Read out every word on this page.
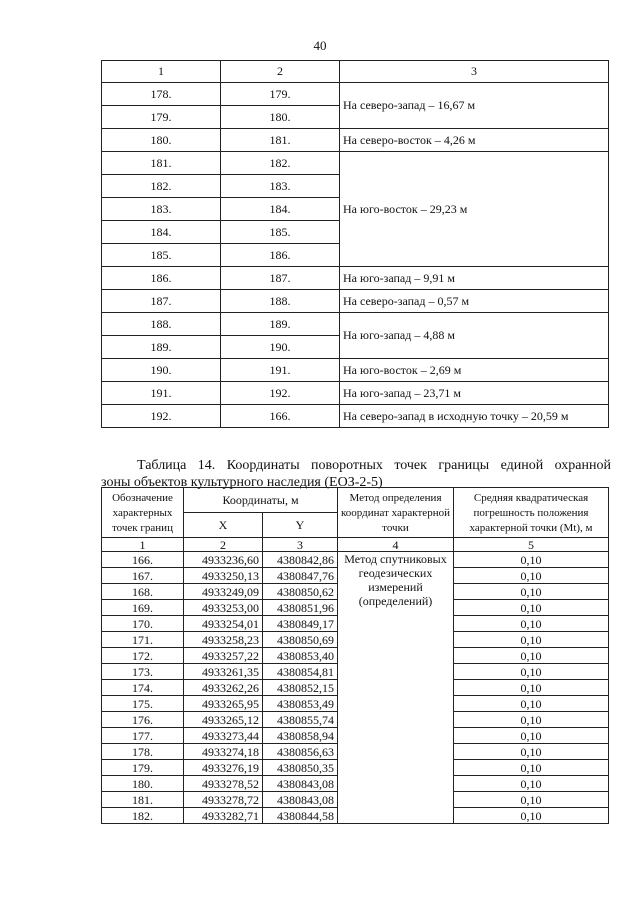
40
1	2	3
178.	179.	На северо-запад – 16,67 м
179.	180.	
180.	181.	На северо-восток – 4,26 м
181.	182.	На юго-восток – 29,23 м
182.	183.	
183.	184.	
184.	185.	
185.	186.	
186.	187.	На юго-запад – 9,91 м
187.	188.	На северо-запад – 0,57 м
188.	189.	На юго-запад – 4,88 м
189.	190.	
190.	191.	На юго-восток – 2,69 м
191.	192.	На юго-запад – 23,71 м
192.	166.	На северо-запад в исходную точку – 20,59 м
Таблица 14. Координаты поворотных точек границы единой охранной
зоны объектов культурного наследия (ЕОЗ-2-5)
Обозначение характерных точек границ	Координаты, м		Метод определения координат характерной точки	Средняя квадратическая погрешность положения характерной точки (Mt), м
	X	Y		
1	2	3	4	5
166.	4933236,60	4380842,86	Метод спутниковых геодезических измерений (определений)	0,10
167.	4933250,13	4380847,76		0,10
168.	4933249,09	4380850,62		0,10
169.	4933253,00	4380851,96		0,10
170.	4933254,01	4380849,17		0,10
171.	4933258,23	4380850,69		0,10
172.	4933257,22	4380853,40		0,10
173.	4933261,35	4380854,81		0,10
174.	4933262,26	4380852,15		0,10
175.	4933265,95	4380853,49		0,10
176.	4933265,12	4380855,74		0,10
177.	4933273,44	4380858,94		0,10
178.	4933274,18	4380856,63		0,10
179.	4933276,19	4380850,35		0,10
180.	4933278,52	4380843,08		0,10
181.	4933278,72	4380843,08		0,10
182.	4933282,71	4380844,58		0,10
